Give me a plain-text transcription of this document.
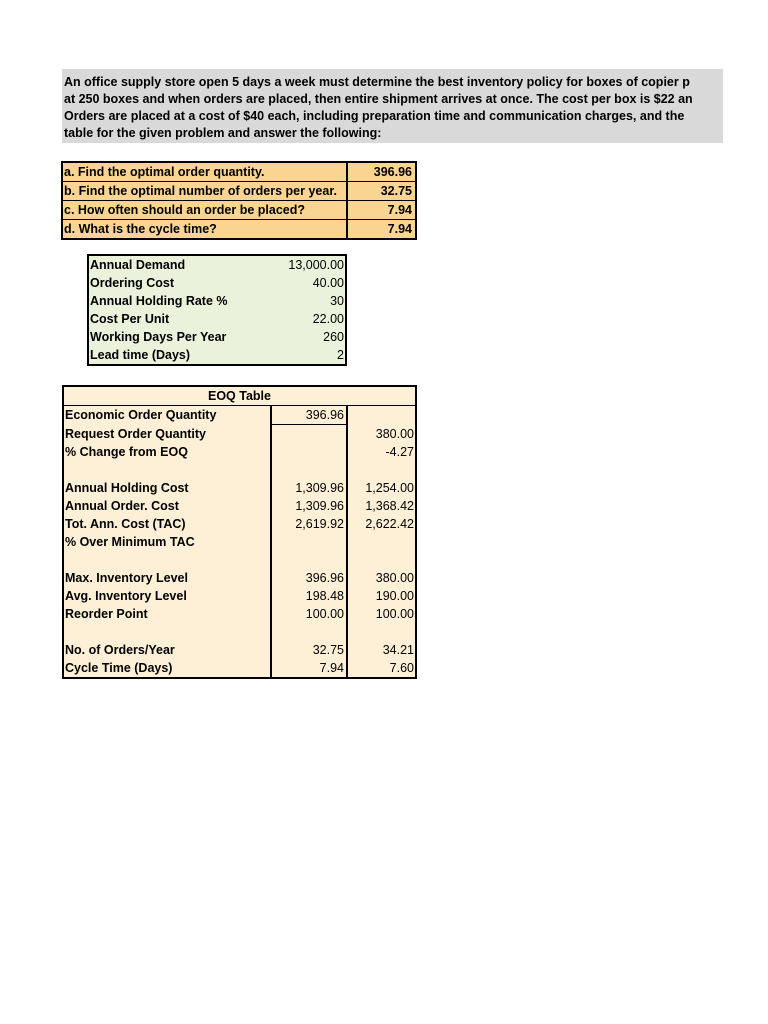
An office supply store open 5 days a week must determine the best inventory policy for boxes of copier p
at 250 boxes and when orders are placed, then entire shipment arrives at once. The cost per box is $22 an
Orders are placed at a cost of $40 each, including preparation time and communication charges, and the
table for the given problem and answer the following:
a. Find the optimal order quantity.	396.96
b. Find the optimal number of orders per year.	32.75
c. How often should an order be placed?	7.94
d. What is the cycle time?	7.94
Annual Demand	13,000.00
Ordering Cost	40.00
Annual Holding Rate %	30
Cost Per Unit	22.00
Working Days Per Year	260
Lead time (Days)	2
EOQ Table		
Economic Order Quantity	396.96	
Request Order Quantity		380.00
% Change from EOQ		-4.27

Annual Holding Cost	1,309.96	1,254.00
Annual Order. Cost	1,309.96	1,368.42
Tot. Ann. Cost (TAC)	2,619.92	2,622.42
% Over Minimum TAC		

Max. Inventory Level	396.96	380.00
Avg. Inventory Level	198.48	190.00
Reorder Point	100.00	100.00

No. of Orders/Year	32.75	34.21
Cycle Time (Days)	7.94	7.60
